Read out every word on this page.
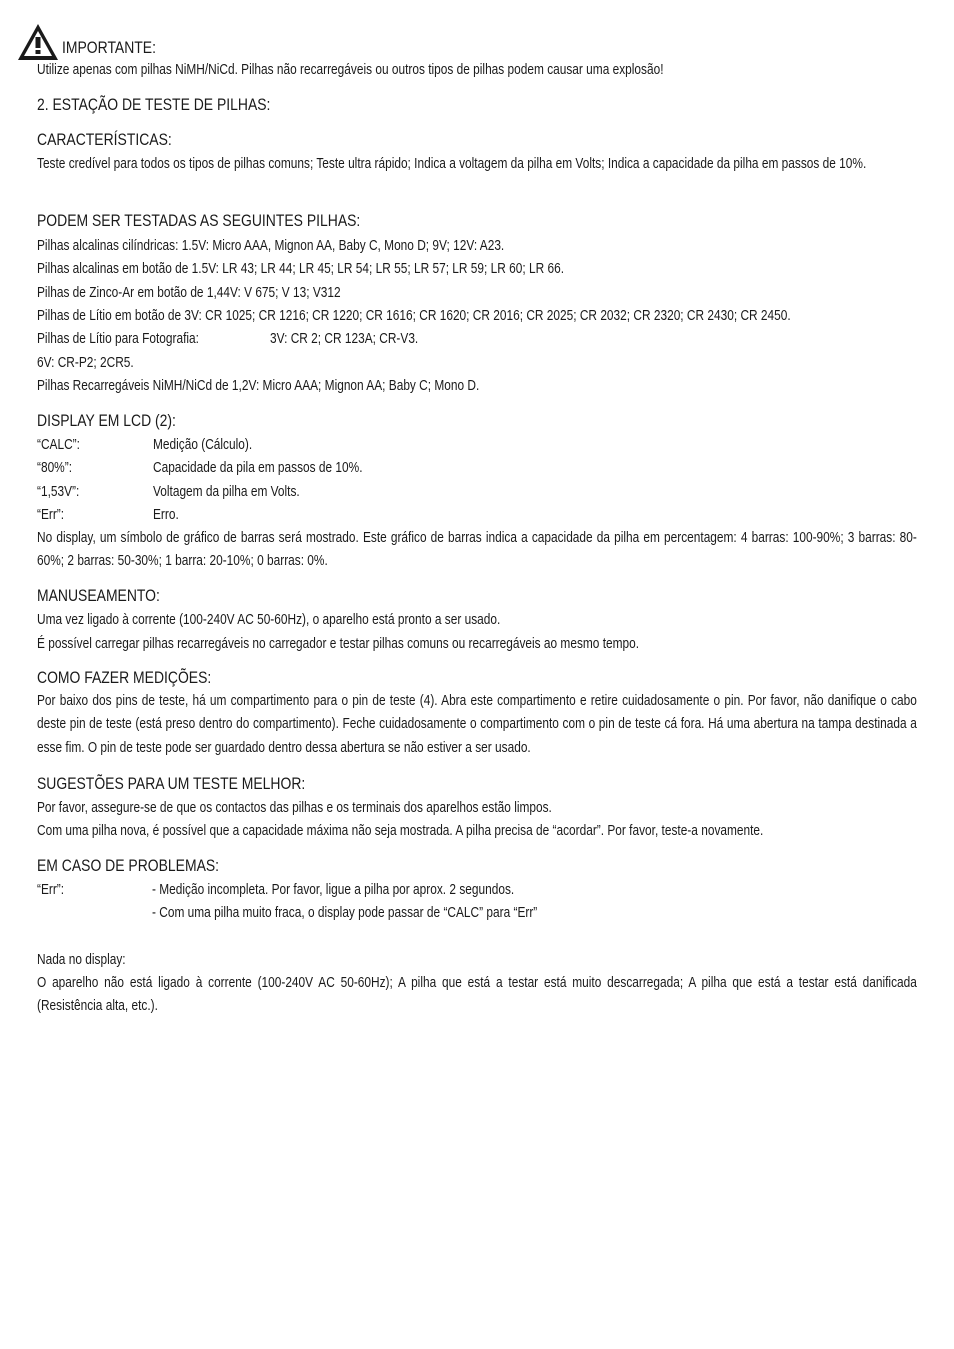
IMPORTANTE:
Utilize apenas com pilhas NiMH/NiCd. Pilhas não recarregáveis ou outros tipos de pilhas podem causar uma explosão!
2. ESTAÇÃO DE TESTE DE PILHAS:
CARACTERÍSTICAS:
Teste credível para todos os tipos de pilhas comuns; Teste ultra rápido; Indica a voltagem da pilha em Volts; Indica a capacidade da pilha em passos de 10%.
PODEM SER TESTADAS AS SEGUINTES PILHAS:
Pilhas alcalinas cilíndricas: 1.5V: Micro AAA, Mignon AA, Baby C, Mono D; 9V; 12V: A23.
Pilhas alcalinas em botão de 1.5V: LR 43; LR 44; LR 45; LR 54; LR 55; LR 57; LR 59; LR 60; LR 66.
Pilhas de Zinco-Ar em botão de 1,44V: V 675; V 13; V312
Pilhas de Lítio em botão de 3V: CR 1025; CR 1216; CR 1220; CR 1616; CR 1620; CR 2016; CR 2025; CR 2032; CR 2320; CR 2430; CR 2450.
Pilhas de Lítio para Fotografia:	3V: CR 2; CR 123A; CR-V3.
6V: CR-P2; 2CR5.
Pilhas Recarregáveis NiMH/NiCd de 1,2V: Micro AAA; Mignon AA; Baby C; Mono D.
DISPLAY EM LCD (2):
“CALC”:	Medição (Cálculo).
“80%”:	Capacidade da pila em passos de 10%.
“1,53V”:	Voltagem da pilha em Volts.
“Err”:	Erro.
No display, um símbolo de gráfico de barras será mostrado. Este gráfico de barras indica a capacidade da pilha em percentagem: 4 barras: 100-90%; 3 barras: 80-60%; 2 barras: 50-30%; 1 barra: 20-10%; 0 barras: 0%.
MANUSEAMENTO:
Uma vez ligado à corrente (100-240V AC 50-60Hz), o aparelho está pronto a ser usado.
É possível carregar pilhas recarregáveis no carregador e testar pilhas comuns ou recarregáveis ao mesmo tempo.
COMO FAZER MEDIÇÕES:
Por baixo dos pins de teste, há um compartimento para o pin de teste (4). Abra este compartimento e retire cuidadosamente o pin. Por favor, não danifique o cabo deste pin de teste (está preso dentro do compartimento). Feche cuidadosamente o compartimento com o pin de teste cá fora. Há uma abertura na tampa destinada a esse fim. O pin de teste pode ser guardado dentro dessa abertura se não estiver a ser usado.
SUGESTÕES PARA UM TESTE MELHOR:
Por favor, assegure-se de que os contactos das pilhas e os terminais dos aparelhos estão limpos.
Com uma pilha nova, é possível que a capacidade máxima não seja mostrada. A pilha precisa de “acordar”. Por favor, teste-a novamente.
EM CASO DE PROBLEMAS:
“Err”:	- Medição incompleta. Por favor, ligue a pilha por aprox. 2 segundos.
- Com uma pilha muito fraca, o display pode passar de “CALC” para “Err”
Nada no display:
O aparelho não está ligado à corrente (100-240V AC 50-60Hz); A pilha que está a testar está muito descarregada; A pilha que está a testar está danificada (Resistência alta, etc.).
